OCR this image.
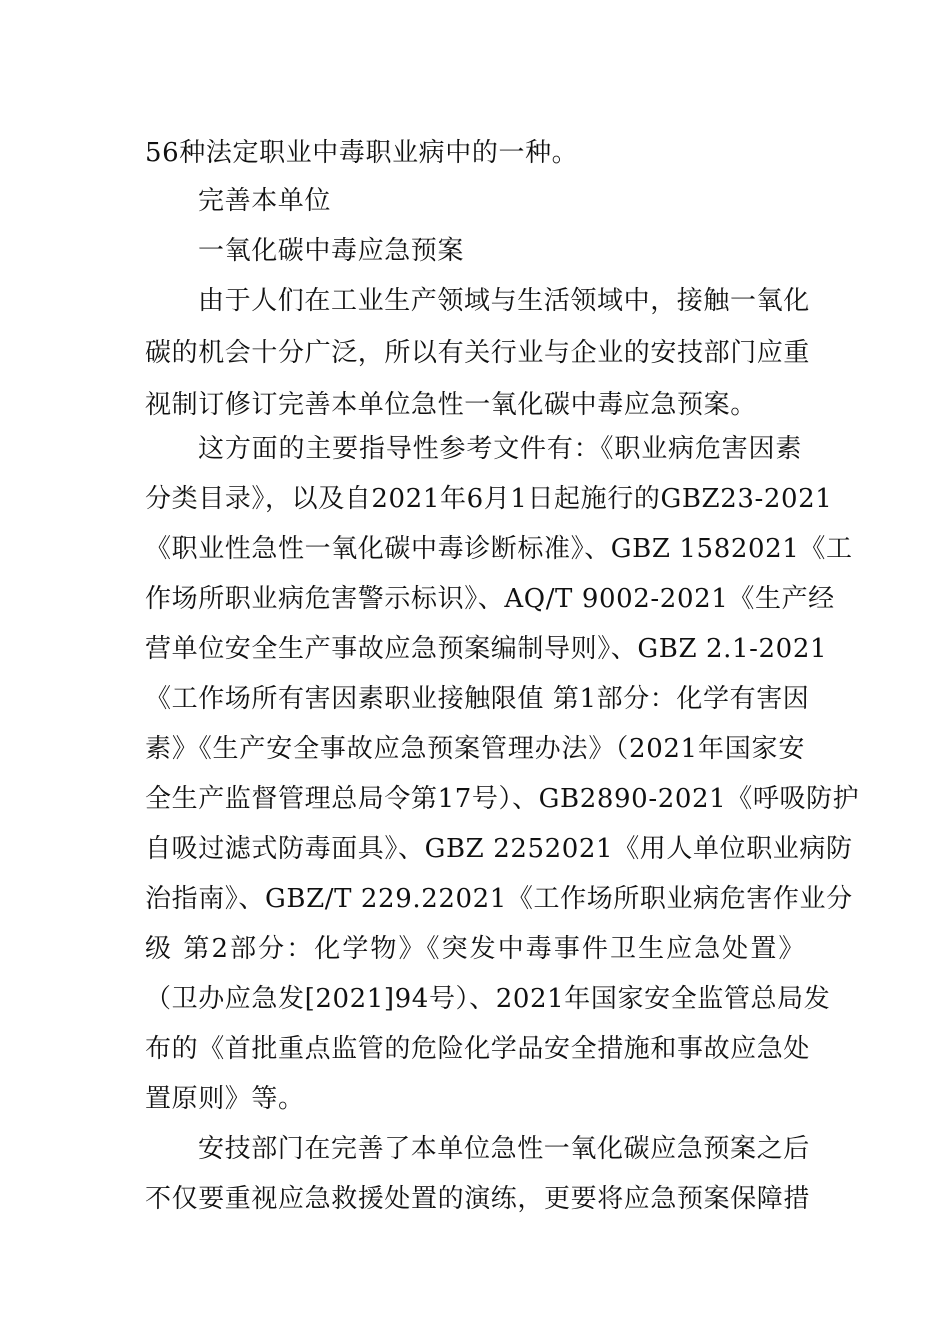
56种法定职业中毒职业病中的一种。
完善本单位
一氧化碳中毒应急预案
由于人们在工业生产领域与生活领域中，接触一氧化
碳的机会十分广泛，所以有关行业与企业的安技部门应重
视制订修订完善本单位急性一氧化碳中毒应急预案。
这方面的主要指导性参考文件有：《职业病危害因素
分类目录》，以及自2021年6月1日起施行的GBZ23-2021
《职业性急性一氧化碳中毒诊断标准》、GBZ 1582021《工
作场所职业病危害警示标识》、AQ/T 9002-2021《生产经
营单位安全生产事故应急预案编制导则》、GBZ 2.1-2021
《工作场所有害因素职业接触限值 第1部分：化学有害因
素》《生产安全事故应急预案管理办法》（2021年国家安
全生产监督管理总局令第17号）、GB2890-2021《呼吸防护
自吸过滤式防毒面具》、GBZ 2252021《用人单位职业病防
治指南》、GBZ/T 229.22021《工作场所职业病危害作业分
级 第2部分：化学物》《突发中毒事件卫生应急处置》
（卫办应急发[2021]94号）、2021年国家安全监管总局发
布的《首批重点监管的危险化学品安全措施和事故应急处
置原则》等。
安技部门在完善了本单位急性一氧化碳应急预案之后
不仅要重视应急救援处置的演练，更要将应急预案保障措
